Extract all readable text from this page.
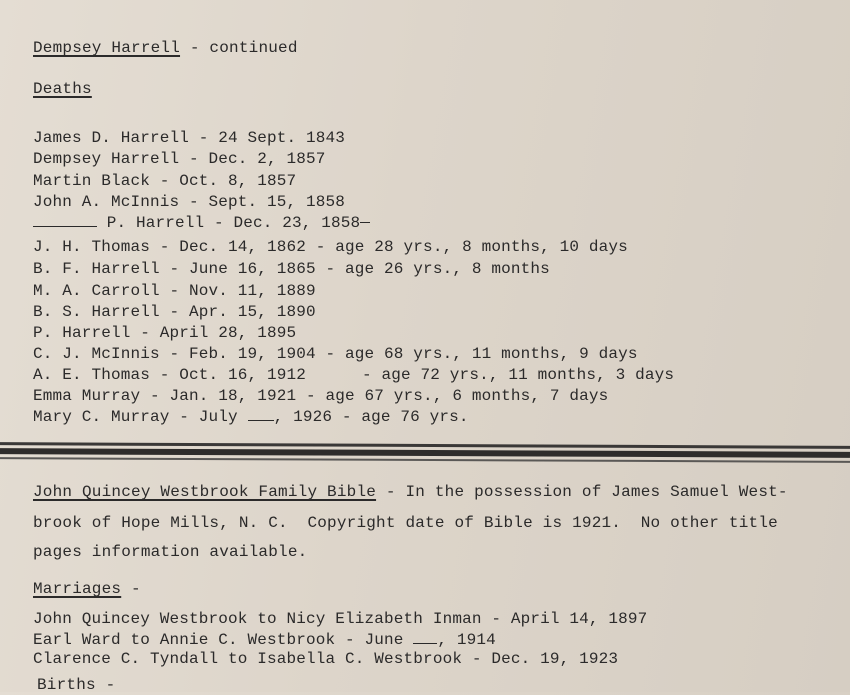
Dempsey Harrell - continued
Deaths
James D. Harrell - 24 Sept. 1843
Dempsey Harrell - Dec. 2, 1857
Martin Black - Oct. 8, 1857
John A. McInnis - Sept. 15, 1858
P. Harrell - Dec. 23, 1858
J. H. Thomas - Dec. 14, 1862 - age 28 yrs., 8 months, 10 days
B. F. Harrell - June 16, 1865 - age 26 yrs., 8 months
M. A. Carroll - Nov. 11, 1889
B. S. Harrell - Apr. 15, 1890
P. Harrell - April 28, 1895
C. J. McInnis - Feb. 19, 1904 - age 68 yrs., 11 months, 9 days
A. E. Thomas - Oct. 16, 1912	- age 72 yrs., 11 months, 3 days
Emma Murray - Jan. 18, 1921 - age 67 yrs., 6 months, 7 days
Mary C. Murray - July , 1926 - age 76 yrs.
John Quincey Westbrook Family Bible - In the possession of James Samuel West-
brook of Hope Mills, N. C.  Copyright date of Bible is 1921.  No other title
pages information available.
Marriages -
John Quincey Westbrook to Nicy Elizabeth Inman - April 14, 1897
Earl Ward to Annie C. Westbrook - June , 1914
Clarence C. Tyndall to Isabella C. Westbrook - Dec. 19, 1923
Births -
